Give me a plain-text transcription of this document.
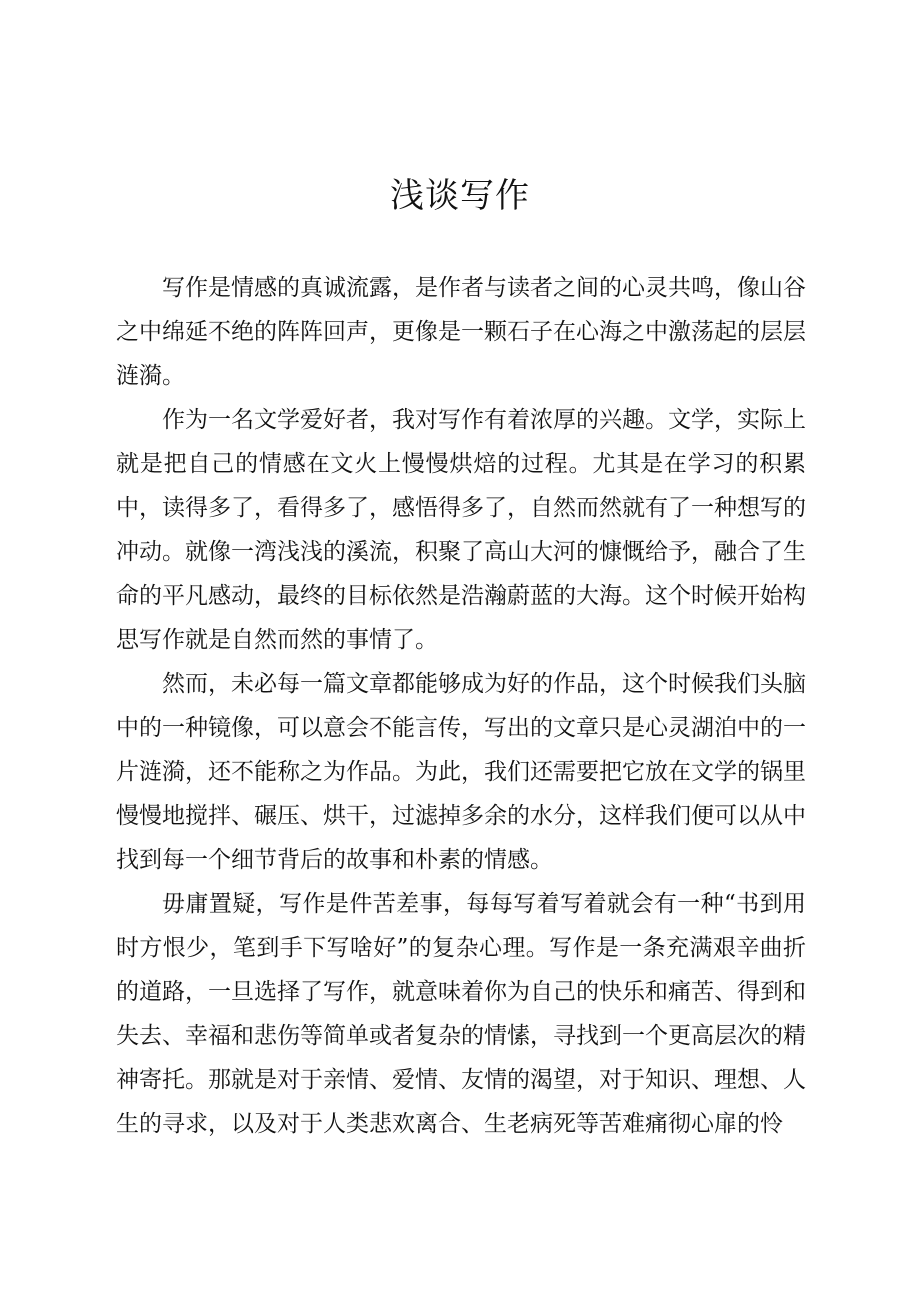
浅谈写作

写作是情感的真诚流露，是作者与读者之间的心灵共鸣，像山谷之中绵延不绝的阵阵回声，更像是一颗石子在心海之中激荡起的层层涟漪。

作为一名文学爱好者，我对写作有着浓厚的兴趣。文学，实际上就是把自己的情感在文火上慢慢烘焙的过程。尤其是在学习的积累中，读得多了，看得多了，感悟得多了，自然而然就有了一种想写的冲动。就像一湾浅浅的溪流，积聚了高山大河的慷慨给予，融合了生命的平凡感动，最终的目标依然是浩瀚蔚蓝的大海。这个时候开始构思写作就是自然而然的事情了。

然而，未必每一篇文章都能够成为好的作品，这个时候我们头脑中的一种镜像，可以意会不能言传，写出的文章只是心灵湖泊中的一片涟漪，还不能称之为作品。为此，我们还需要把它放在文学的锅里慢慢地搅拌、碾压、烘干，过滤掉多余的水分，这样我们便可以从中找到每一个细节背后的故事和朴素的情感。

毋庸置疑，写作是件苦差事，每每写着写着就会有一种“书到用时方恨少，笔到手下写啥好”的复杂心理。写作是一条充满艰辛曲折的道路，一旦选择了写作，就意味着你为自己的快乐和痛苦、得到和失去、幸福和悲伤等简单或者复杂的情愫，寻找到一个更高层次的精神寄托。那就是对于亲情、爱情、友情的渴望，对于知识、理想、人生的寻求，以及对于人类悲欢离合、生老病死等苦难痛彻心扉的怜
